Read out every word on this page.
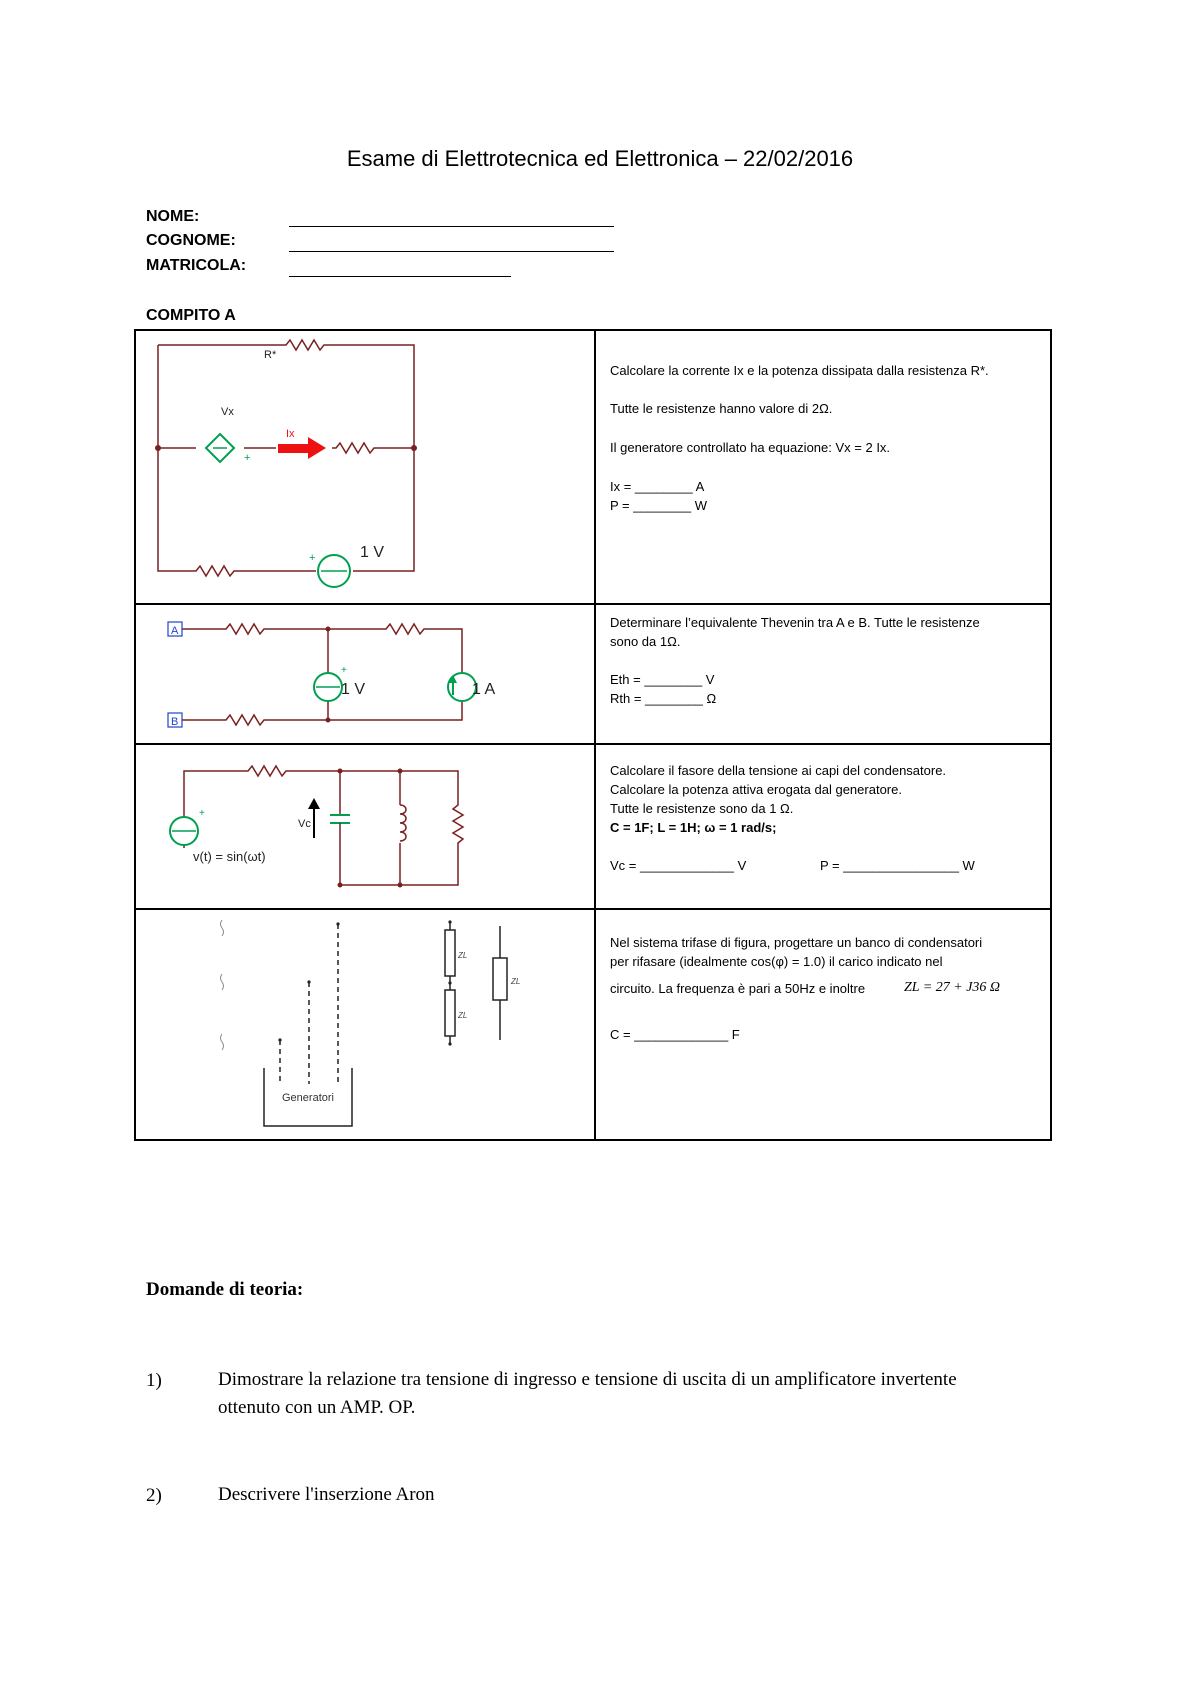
Esame di Elettrotecnica ed Elettronica – 22/02/2016
NOME:
COGNOME:
MATRICOLA:
COMPITO A
+
Vx
R*
Ix
+	1 V
Calcolare la corrente Ix e la potenza dissipata dalla resistenza R*.
Tutte le resistenze hanno valore di 2Ω.
Il generatore controllato ha equazione: Vx = 2 Ix.
Ix = ________ A
P = ________ W
A
B
+
1 V	1 A
Determinare l’equivalente Thevenin tra A e B. Tutte le resistenze
sono da 1Ω.
Eth = ________ V
Rth = ________ Ω
Vc
+
v(t) = sin(ωt)
Calcolare il fasore della tensione ai capi del condensatore.
Calcolare la potenza attiva erogata dal generatore.
Tutte le resistenze sono da 1 Ω.
C = 1F; L = 1H; ω = 1 rad/s;
Vc = _____________ V	P = ________________ W
Generatori
ZL
ZL
ZL
Nel sistema trifase di figura, progettare un banco di condensatori
per rifasare (idealmente cos(φ) = 1.0) il carico indicato nel
circuito. La frequenza è pari a 50Hz e inoltre	ZL = 27 + J36 Ω
C = _____________ F
Domande di teoria:
1)	Dimostrare la relazione tra tensione di ingresso e tensione di uscita di un amplificatore invertente ottenuto con un AMP. OP.
2)	Descrivere l'inserzione Aron
